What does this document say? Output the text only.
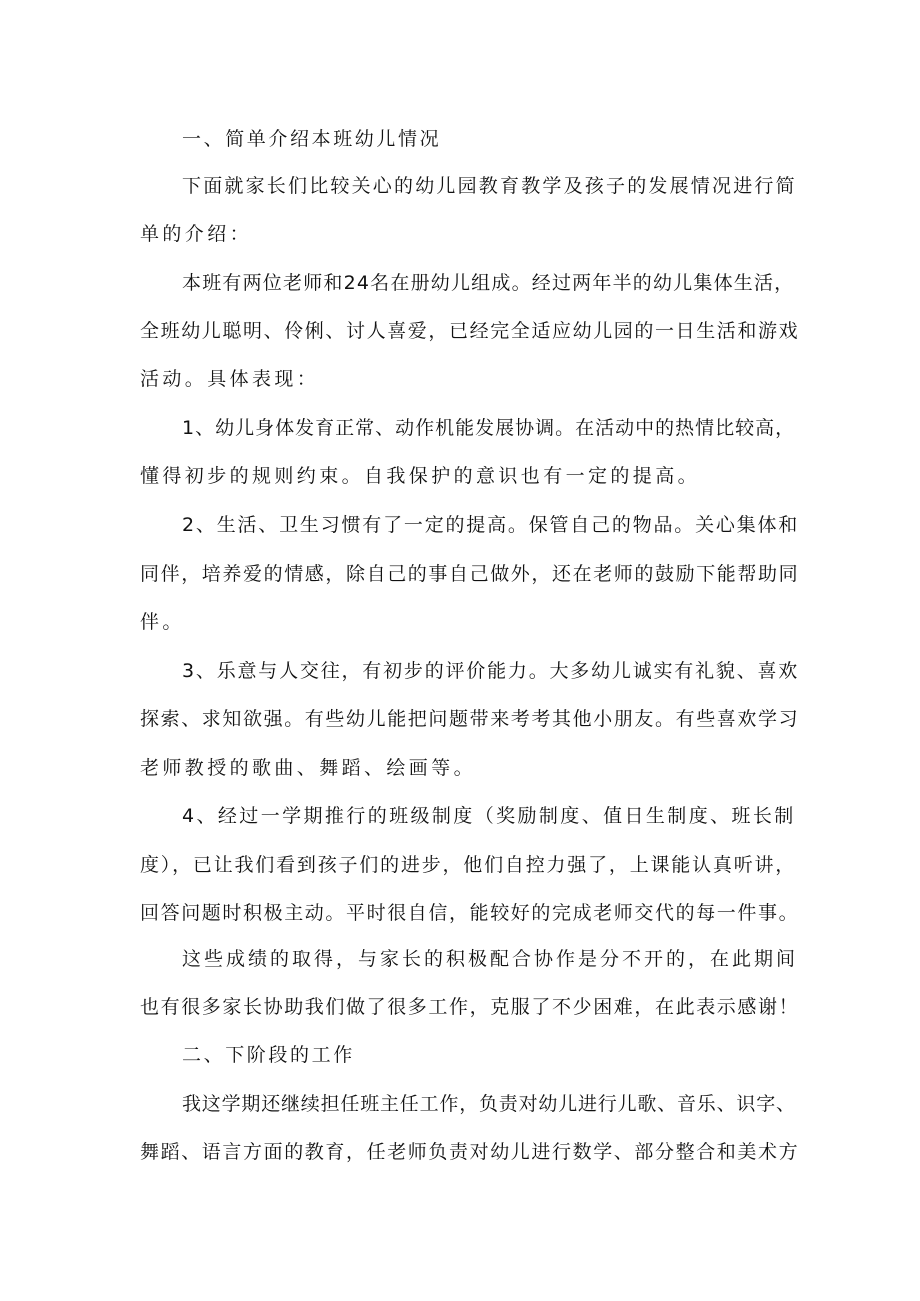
一、简单介绍本班幼儿情况
下面就家长们比较关心的幼儿园教育教学及孩子的发展情况进行简
单的介绍：
本班有两位老师和24名在册幼儿组成。经过两年半的幼儿集体生活，
全班幼儿聪明、伶俐、讨人喜爱，已经完全适应幼儿园的一日生活和游戏
活动。具体表现：
1、幼儿身体发育正常、动作机能发展协调。在活动中的热情比较高，
懂得初步的规则约束。自我保护的意识也有一定的提高。
2、生活、卫生习惯有了一定的提高。保管自己的物品。关心集体和
同伴，培养爱的情感，除自己的事自己做外，还在老师的鼓励下能帮助同
伴。
3、乐意与人交往，有初步的评价能力。大多幼儿诚实有礼貌、喜欢
探索、求知欲强。有些幼儿能把问题带来考考其他小朋友。有些喜欢学习
老师教授的歌曲、舞蹈、绘画等。
4、经过一学期推行的班级制度（奖励制度、值日生制度、班长制
度），已让我们看到孩子们的进步，他们自控力强了，上课能认真听讲，
回答问题时积极主动。平时很自信，能较好的完成老师交代的每一件事。
这些成绩的取得，与家长的积极配合协作是分不开的，在此期间
也有很多家长协助我们做了很多工作，克服了不少困难，在此表示感谢！
二、下阶段的工作
我这学期还继续担任班主任工作，负责对幼儿进行儿歌、音乐、识字、
舞蹈、语言方面的教育，任老师负责对幼儿进行数学、部分整合和美术方
